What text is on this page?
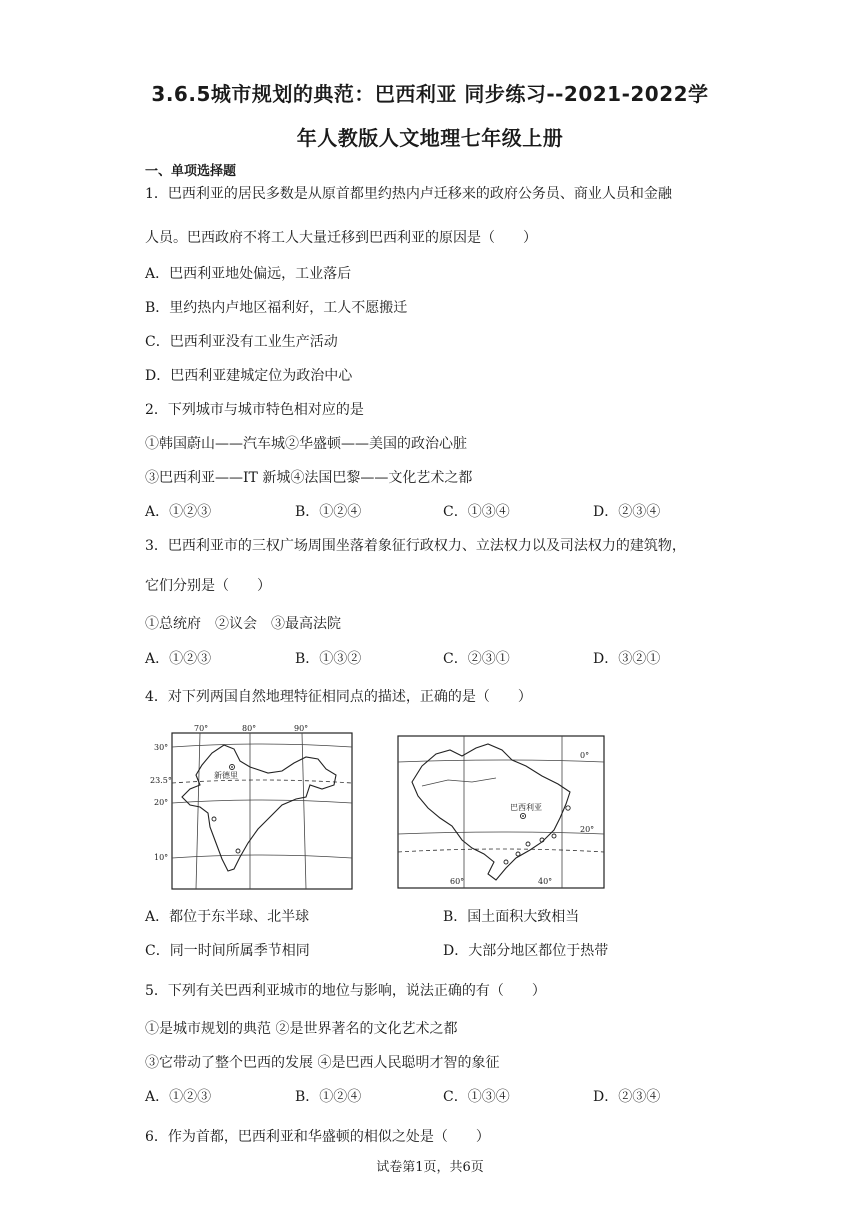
3.6.5城市规划的典范：巴西利亚 同步练习--2021-2022学
年人教版人文地理七年级上册
一、单项选择题
1．巴西利亚的居民多数是从原首都里约热内卢迁移来的政府公务员、商业人员和金融
人员。巴西政府不将工人大量迁移到巴西利亚的原因是（　　）
A．巴西利亚地处偏远，工业落后
B．里约热内卢地区福利好，工人不愿搬迁
C．巴西利亚没有工业生产活动
D．巴西利亚建城定位为政治中心
2．下列城市与城市特色相对应的是
①韩国蔚山——汽车城②华盛顿——美国的政治心脏
③巴西利亚——IT 新城④法国巴黎——文化艺术之都
A．①②③	B．①②④	C．①③④	D．②③④
3．巴西利亚市的三权广场周围坐落着象征行政权力、立法权力以及司法权力的建筑物，
它们分别是（　　）
①总统府　②议会　③最高法院
A．①②③	B．①③②	C．②③①	D．③②①
4．对下列两国自然地理特征相同点的描述，正确的是（　　）
70°	80°	90°
30°
23.5°
20°
10°
新德里
0°
20°
60°	40°
巴西利亚
A．都位于东半球、北半球	B．国土面积大致相当
C．同一时间所属季节相同	D．大部分地区都位于热带
5．下列有关巴西利亚城市的地位与影响，说法正确的有（　　）
①是城市规划的典范 ②是世界著名的文化艺术之都
③它带动了整个巴西的发展 ④是巴西人民聪明才智的象征
A．①②③	B．①②④	C．①③④	D．②③④
6．作为首都，巴西利亚和华盛顿的相似之处是（　　）
试卷第1页，共6页
